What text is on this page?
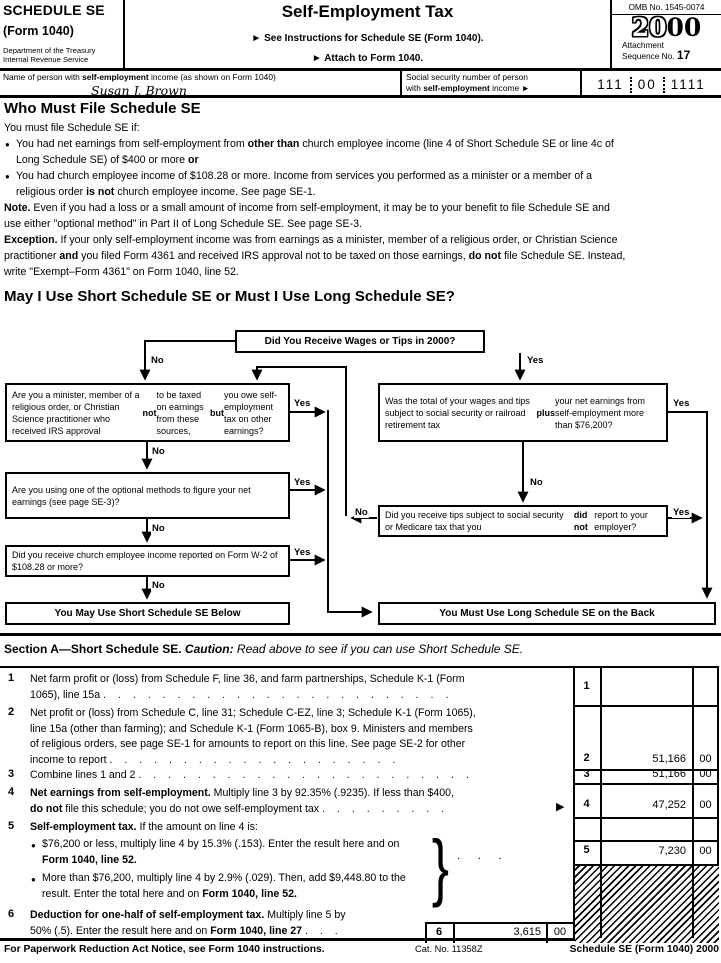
SCHEDULE SE
(Form 1040)
Department of the Treasury
Internal Revenue Service
Self-Employment Tax
► See Instructions for Schedule SE (Form 1040).
► Attach to Form 1040.
OMB No. 1545-0074
2000
Attachment
Sequence No. 17
Name of person with self-employment income (as shown on Form 1040)
Susan J. Brown
Social security number of person
with self-employment income ►	111 00 1111
Who Must File Schedule SE

You must file Schedule SE if:

● You had net earnings from self-employment from other than church employee income (line 4 of Short Schedule SE or line 4c of
Long Schedule SE) of $400 or more or

● You had church employee income of $108.28 or more. Income from services you performed as a minister or a member of a
religious order is not church employee income. See page SE-1.

Note. Even if you had a loss or a small amount of income from self-employment, it may be to your benefit to file Schedule SE and
use either "optional method" in Part II of Long Schedule SE. See page SE-3.

Exception. If your only self-employment income was from earnings as a minister, member of a religious order, or Christian Science
practitioner and you filed Form 4361 and received IRS approval not to be taxed on those earnings, do not file Schedule SE. Instead,
write "Exempt–Form 4361" on Form 1040, line 52.

May I Use Short Schedule SE or Must I Use Long Schedule SE?
Did You Receive Wages or Tips in 2000?
Are you a minister, member of a religious order, or Christian Science practitioner who received IRS approval
not
to be taxed on earnings from these sources,
but
you owe self-employment tax on other earnings?
Are you using one of the optional methods to figure your net earnings (see page SE-3)?
Did you receive church employee income reported on Form W-2 of $108.28 or more?
Was the total of your wages and tips subject to social security or railroad retirement tax
plus
your net earnings from self-employment more than $76,200?
Did you receive tips subject to social security or Medicare tax that you
did not
report to your employer?
You May Use Short Schedule SE Below	You Must Use Long Schedule SE on the Back
No	Yes
Yes
No
Yes
No
Yes
No
No
Yes
No	Yes
Section A—Short Schedule SE. Caution: Read above to see if you can use Short Schedule SE.
1 Net farm profit or (loss) from Schedule F, line 36, and farm partnerships, Schedule K-1 (Form
1065), line 15a . . . . . . . . . . . . . . . . . . . . . . . .
1
2 Net profit or (loss) from Schedule C, line 31; Schedule C-EZ, line 3; Schedule K-1 (Form 1065),
line 15a (other than farming); and Schedule K-1 (Form 1065-B), box 9. Ministers and members
of religious orders, see page SE-1 for amounts to report on this line. See page SE-2 for other
income to report . . . . . . . . . . . . . . . . . . . .	2	51,166	00
3 Combine lines 1 and 2 . . . . . . . . . . . . . . . . . . . . . . .	3	51,166	00
4 Net earnings from self-employment. Multiply line 3 by 92.35% (.9235). If less than $400,
do not file this schedule; you do not owe self-employment tax . . . . . . . . .	▶	4	47,252	00
5 Self-employment tax. If the amount on line 4 is:
● $76,200 or less, multiply line 4 by 15.3% (.153). Enter the result here and on
Form 1040, line 52.
● More than $76,200, multiply line 4 by 2.9% (.029). Then, add $9,448.80 to the
result. Enter the total here and on Form 1040, line 52.	} . . .	5	7,230	00
6 Deduction for one-half of self-employment tax. Multiply line 5 by
50% (.5). Enter the result here and on Form 1040, line 27 . . .	6	3,615	00
For Paperwork Reduction Act Notice, see Form 1040 instructions.	Cat. No. 11358Z	Schedule SE (Form 1040) 2000
